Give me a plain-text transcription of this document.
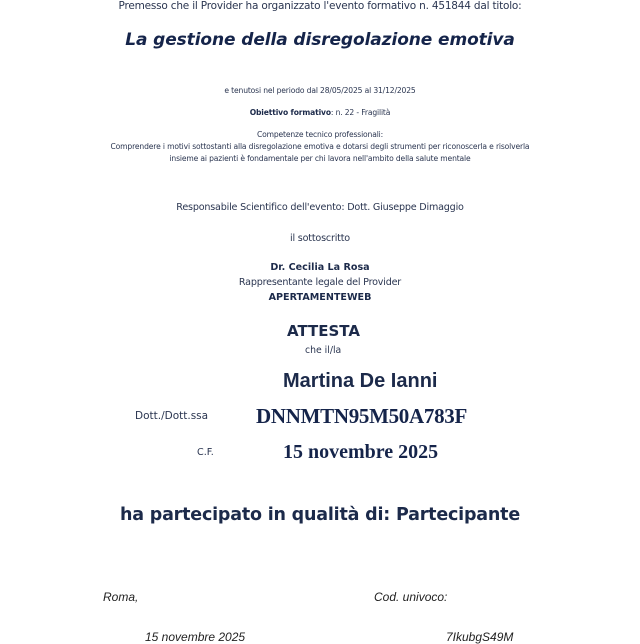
Premesso che il Provider ha organizzato l'evento formativo n. 451844 dal titolo:
La gestione della disregolazione emotiva
e tenutosi nel periodo dal 28/05/2025 al 31/12/2025
Obiettivo formativo: n. 22 - Fragilità
Competenze tecnico professionali:
Comprendere i motivi sottostanti alla disregolazione emotiva e dotarsi degli strumenti per riconoscerla e risolverla
insieme ai pazienti è fondamentale per chi lavora nell'ambito della salute mentale
Responsabile Scientifico dell'evento: Dott. Giuseppe Dimaggio
il sottoscritto
Dr. Cecilia La Rosa
Rappresentante legale del Provider
APERTAMENTEWEB
ATTESTA
che il/la
Martina De Ianni
Dott./Dott.ssa DNNMTN95M50A783F
C.F.	15 novembre 2025
ha partecipato in qualità di: Partecipante
Roma,	Cod. univoco:
15 novembre 2025	7IkubgS49M
